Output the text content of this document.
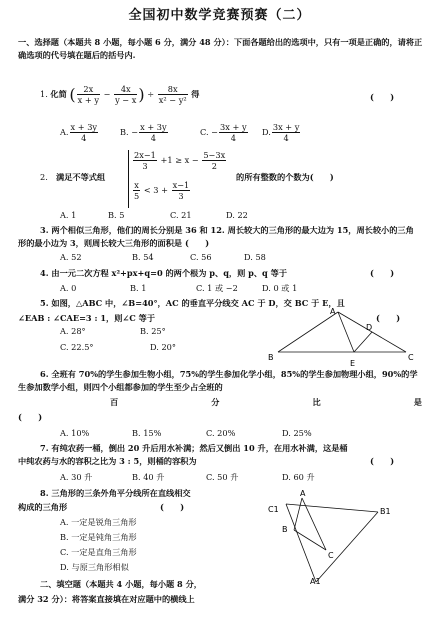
全国初中数学竞赛预赛（二）
一、选择题（本题共 8 小题，每小题 6 分，满分 48 分）：下面各题给出的选项中，只有一项是正确的，请将正确选项的代号填在题后的括号内.
1. 化简 ( $\frac{2x}{x + y} - \frac{4x}{y - x}$ ) ÷ $\frac{8x}{\text{x² − y²}}$ 得	(　　)
A. $\frac{x + 3y}{4}$	B. − $\frac{x + 3y}{4}$	C. − $\frac{3x + y}{4} D$. $\frac{3x + y}{4}$
2. 满足不等式组
$\frac{2x-1}{3} +1 \ge x - \frac{5-3x}{2}$
$\frac{x}{5} < 3 + \frac{x-1}{3}$
的所有整数的个数为(　　)
A. 1	B. 5	C. 21	D. 22
3. 两个相似三角形，他们的周长分别是 36 和 12. 周长较大的三角形的最大边为 15，周长较小的三角形的最小边为 3，则周长较大三角形的面积是 (　　)
A. 52	B. 54	C. 56	D. 58
4. 由一元二次方程 x²+px+q=0 的两个根为 p、q，则 p、q 等于	(　　)
A. 0	B. 1	C. 1 或 −2	D. 0 或 1
5. 如图，△ABC 中，∠B=40°，AC 的垂直平分线交 AC 于 D，交 BC 于 E，且
∠EAB : ∠CAE=3 : 1，则∠C 等于	(　　)
A. 28°	B. 25°
C. 22.5°	D. 20°
A
B	C
D
E
6. 全班有 70%的学生参加生物小组，75%的学生参加化学小组，85%的学生参加物理小组，90%的学生参加数学小组，则四个小组都参加的学生至少占全班的
百	分	比	是
(　　)
A. 10%	B. 15%	C. 20%	D. 25%
7. 有纯农药一桶，倒出 20 升后用水补满；然后又倒出 10 升，在用水补满，这是桶中纯农药与水的容积之比为 3 : 5，则桶的容积为	(　　)
A. 30 升	B. 40 升	C. 50 升	D. 60 升
8. 三角形的三条外角平分线所在直线相交
构成的三角形	(　　)
A. 一定是锐角三角形
B. 一定是钝角三角形
C. 一定是直角三角形
D. 与原三角形相似
A
B
C
B1
C1
A1
二、填空题（本题共 4 小题，每小题 8 分，
满分 32 分）：将答案直接填在对应题中的横线上
